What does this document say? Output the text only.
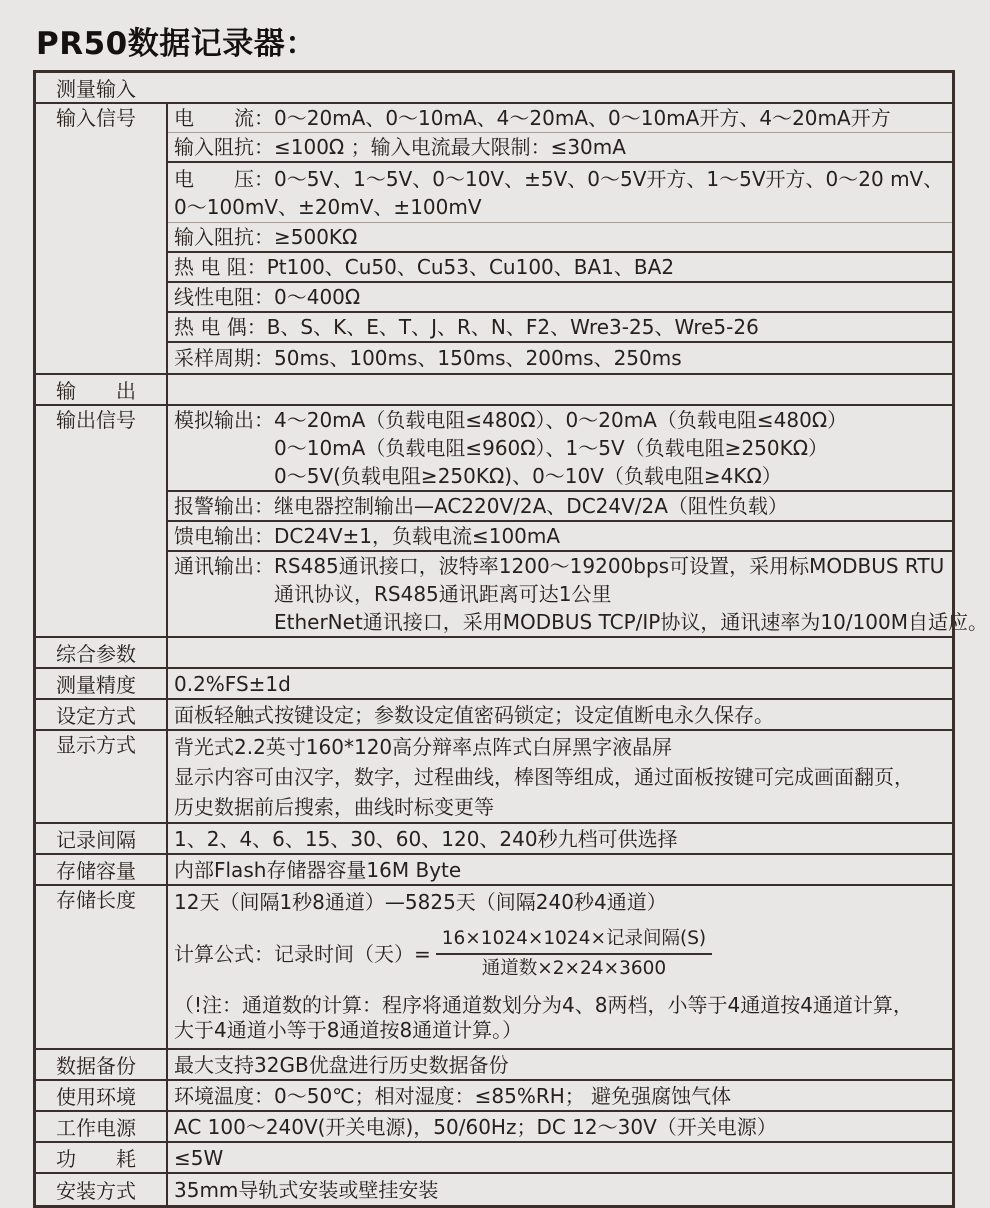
PR50数据记录器：
测量输入
输入信号	电　　流：0～20mA、0～10mA、4～20mA、0～10mA开方、4～20mA开方
输入阻抗：≤100Ω ；输入电流最大限制：≤30mA
电　　压：0～5V、1～5V、0～10V、±5V、0～5V开方、1～5V开方、0～20 mV、
0～100mV、±20mV、±100mV
输入阻抗：≥500KΩ
热 电 阻：Pt100、Cu50、Cu53、Cu100、BA1、BA2
线性电阻：0～400Ω
热 电 偶：B、S、K、E、T、J、R、N、F2、Wre3-25、Wre5-26
采样周期：50ms、100ms、150ms、200ms、250ms
输　　出
输出信号	模拟输出：4～20mA（负载电阻≤480Ω）、0～20mA（负载电阻≤480Ω）
0～10mA（负载电阻≤960Ω）、1～5V（负载电阻≥250KΩ）
0～5V(负载电阻≥250KΩ)、0～10V（负载电阻≥4KΩ）
报警输出：继电器控制输出—AC220V/2A、DC24V/2A（阻性负载）
馈电输出：DC24V±1，负载电流≤100mA
通讯输出：RS485通讯接口，波特率1200～19200bps可设置，采用标MODBUS RTU
通讯协议，RS485通讯距离可达1公里
EtherNet通讯接口，采用MODBUS TCP/IP协议，通讯速率为10/100M自适应。
综合参数
测量精度	0.2%FS±1d
设定方式	面板轻触式按键设定；参数设定值密码锁定；设定值断电永久保存。
显示方式	背光式2.2英寸160*120高分辩率点阵式白屏黑字液晶屏
显示内容可由汉字，数字，过程曲线，棒图等组成，通过面板按键可完成画面翻页，
历史数据前后搜索，曲线时标变更等
记录间隔	1、2、4、6、15、30、60、120、240秒九档可供选择
存储容量	内部Flash存储器容量16M Byte
存储长度	12天（间隔1秒8通道）—5825天（间隔240秒4通道）
计算公式：记录时间（天）= $\frac{\text{16×1024×1024×记录间隔(S)}}{\text{通道数×2×24×3600}}$
（!注：通道数的计算：程序将通道数划分为4、8两档，小等于4通道按4通道计算，
大于4通道小等于8通道按8通道计算。）
数据备份	最大支持32GB优盘进行历史数据备份
使用环境	环境温度：0～50℃；相对湿度：≤85%RH； 避免强腐蚀气体
工作电源	AC 100～240V(开关电源)，50/60Hz；DC 12～30V（开关电源）
功　　耗	≤5W
安装方式	35mm导轨式安装或壁挂安装
